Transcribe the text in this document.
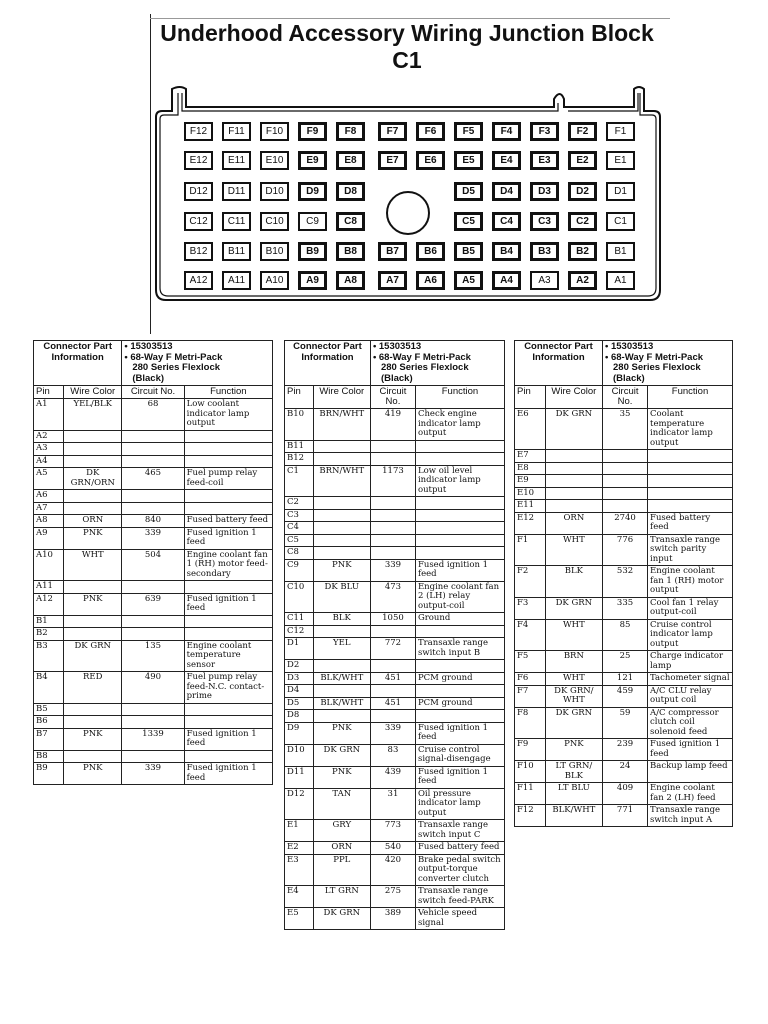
Underhood Accessory Wiring Junction Block C1
F12	F11	F10	F9	F8	F7	F6	F5	F4	F3	F2	F1
E12	E11	E10	E9	E8	E7	E6	E5	E4	E3	E2	E1
D12	D11	D10	D9	D8	D5	D4	D3	D2	D1
C12	C11	C10	C9	C8	C5	C4	C3	C2	C1
B12	B11	B10	B9	B8	B7	B6	B5	B4	B3	B2	B1
A12	A11	A10	A9	A8	A7	A6	A5	A4	A3	A2	A1
Connector Part Information		• 15303513
• 68-Way F Metri-Pack
280 Series Flexlock
(Black)	

Pin	Wire Color	Circuit No.	Function
A1	YEL/BLK	68	Low coolant indicator lamp output
A2			
A3			
A4			
A5	DK GRN/ORN	465	Fuel pump relay feed-coil
A6			
A7			
A8	ORN	840	Fused battery feed
A9	PNK	339	Fused ignition 1 feed
A10	WHT	504	Engine coolant fan 1 (RH) motor feed-secondary
A11			
A12	PNK	639	Fused ignition 1 feed
B1			
B2			
B3	DK GRN	135	Engine coolant temperature sensor
B4	RED	490	Fuel pump relay feed-N.C. contact-prime
B5			
B6			
B7	PNK	1339	Fused ignition 1 feed
B8			
B9	PNK	339	Fused ignition 1 feed
Connector Part Information		• 15303513
• 68-Way F Metri-Pack
280 Series Flexlock
(Black)	

Pin	Wire Color	Circuit No.	Function
B10	BRN/WHT	419	Check engine indicator lamp output
B11			
B12			
C1	BRN/WHT	1173	Low oil level indicator lamp output
C2			
C3			
C4			
C5			
C8			
C9	PNK	339	Fused ignition 1 feed
C10	DK BLU	473	Engine coolant fan 2 (LH) relay output-coil
C11	BLK	1050	Ground
C12			
D1	YEL	772	Transaxle range switch input B
D2			
D3	BLK/WHT	451	PCM ground
D4			
D5	BLK/WHT	451	PCM ground
D8			
D9	PNK	339	Fused ignition 1 feed
D10	DK GRN	83	Cruise control signal-disengage
D11	PNK	439	Fused ignition 1 feed
D12	TAN	31	Oil pressure indicator lamp output
E1	GRY	773	Transaxle range switch input C
E2	ORN	540	Fused battery feed
E3	PPL	420	Brake pedal switch output-torque converter clutch
E4	LT GRN	275	Transaxle range switch feed-PARK
E5	DK GRN	389	Vehicle speed signal
Connector Part Information		• 15303513
• 68-Way F Metri-Pack
280 Series Flexlock
(Black)	

Pin	Wire Color	Circuit No.	Function
E6	DK GRN	35	Coolant temperature indicator lamp output
E7			
E8			
E9			
E10			
E11			
E12	ORN	2740	Fused battery feed
F1	WHT	776	Transaxle range switch parity input
F2	BLK	532	Engine coolant fan 1 (RH) motor output
F3	DK GRN	335	Cool fan 1 relay output-coil
F4	WHT	85	Cruise control indicator lamp output
F5	BRN	25	Charge indicator lamp
F6	WHT	121	Tachometer signal
F7	DK GRN/ WHT	459	A/C CLU relay output coil
F8	DK GRN	59	A/C compressor clutch coil solenoid feed
F9	PNK	239	Fused ignition 1 feed
F10	LT GRN/ BLK	24	Backup lamp feed
F11	LT BLU	409	Engine coolant fan 2 (LH) feed
F12	BLK/WHT	771	Transaxle range switch input A
